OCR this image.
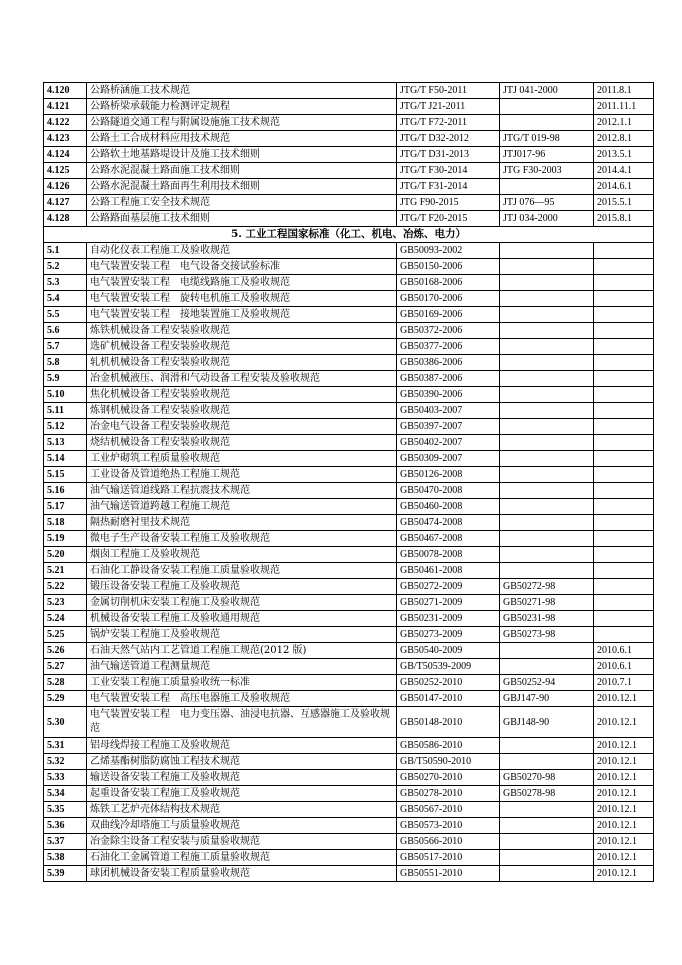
4.120	公路桥涵施工技术规范	JTG/T F50-2011	JTJ 041-2000	2011.8.1
4.121	公路桥梁承载能力检测评定规程	JTG/T J21-2011		2011.11.1
4.122	公路隧道交通工程与附属设施施工技术规范	JTG/T F72-2011		2012.1.1
4.123	公路土工合成材料应用技术规范	JTG/T D32-2012	JTG/T 019-98	2012.8.1
4.124	公路软土地基路堤设计及施工技术细则	JTG/T D31-2013	JTJ017-96	2013.5.1
4.125	公路水泥混凝土路面施工技术细则	JTG/T F30-2014	JTG F30-2003	2014.4.1
4.126	公路水泥混凝土路面再生利用技术细则	JTG/T F31-2014		2014.6.1
4.127	公路工程施工安全技术规范	JTG F90-2015	JTJ 076—95	2015.5.1
4.128	公路路面基层施工技术细则	JTG/T F20-2015	JTJ 034-2000	2015.8.1
5. 工业工程国家标准（化工、机电、冶炼、电力）				
5.1	自动化仪表工程施工及验收规范	GB50093-2002		
5.2	电气装置安装工程　电气设备交接试验标准	GB50150-2006		
5.3	电气装置安装工程　电缆线路施工及验收规范	GB50168-2006		
5.4	电气装置安装工程　旋转电机施工及验收规范	GB50170-2006		
5.5	电气装置安装工程　接地装置施工及验收规范	GB50169-2006		
5.6	炼铁机械设备工程安装验收规范	GB50372-2006		
5.7	选矿机械设备工程安装验收规范	GB50377-2006		
5.8	轧机机械设备工程安装验收规范	GB50386-2006		
5.9	冶金机械液压、润滑和气动设备工程安装及验收规范	GB50387-2006		
5.10	焦化机械设备工程安装验收规范	GB50390-2006		
5.11	炼钢机械设备工程安装验收规范	GB50403-2007		
5.12	冶金电气设备工程安装验收规范	GB50397-2007		
5.13	烧结机械设备工程安装验收规范	GB50402-2007		
5.14	工业炉砌筑工程质量验收规范	GB50309-2007		
5.15	工业设备及管道绝热工程施工规范	GB50126-2008		
5.16	油气输送管道线路工程抗震技术规范	GB50470-2008		
5.17	油气输送管道跨越工程施工规范	GB50460-2008		
5.18	隔热耐磨衬里技术规范	GB50474-2008		
5.19	微电子生产设备安装工程施工及验收规范	GB50467-2008		
5.20	烟囱工程施工及验收规范	GB50078-2008		
5.21	石油化工静设备安装工程施工质量验收规范	GB50461-2008		
5.22	锻压设备安装工程施工及验收规范	GB50272-2009	GB50272-98	
5.23	金属切削机床安装工程施工及验收规范	GB50271-2009	GB50271-98	
5.24	机械设备安装工程施工及验收通用规范	GB50231-2009	GB50231-98	
5.25	锅炉安装工程施工及验收规范	GB50273-2009	GB50273-98	
5.26	石油天然气站内工艺管道工程施工规范(2012 版)	GB50540-2009		2010.6.1
5.27	油气输送管道工程测量规范	GB/T50539-2009		2010.6.1
5.28	工业安装工程施工质量验收统一标准	GB50252-2010	GB50252-94	2010.7.1
5.29	电气装置安装工程　高压电器施工及验收规范	GB50147-2010	GBJ147-90	2010.12.1
5.30	电气装置安装工程　电力变压器、油浸电抗器、互感器施工及验收规范	GB50148-2010	GBJ148-90	2010.12.1
5.31	铝母线焊接工程施工及验收规范	GB50586-2010		2010.12.1
5.32	乙烯基酯树脂防腐蚀工程技术规范	GB/T50590-2010		2010.12.1
5.33	输送设备安装工程施工及验收规范	GB50270-2010	GB50270-98	2010.12.1
5.34	起重设备安装工程施工及验收规范	GB50278-2010	GB50278-98	2010.12.1
5.35	炼铁工艺炉壳体结构技术规范	GB50567-2010		2010.12.1
5.36	双曲线冷却塔施工与质量验收规范	GB50573-2010		2010.12.1
5.37	冶金除尘设备工程安装与质量验收规范	GB50566-2010		2010.12.1
5.38	石油化工金属管道工程施工质量验收规范	GB50517-2010		2010.12.1
5.39	球团机械设备安装工程质量验收规范	GB50551-2010		2010.12.1
